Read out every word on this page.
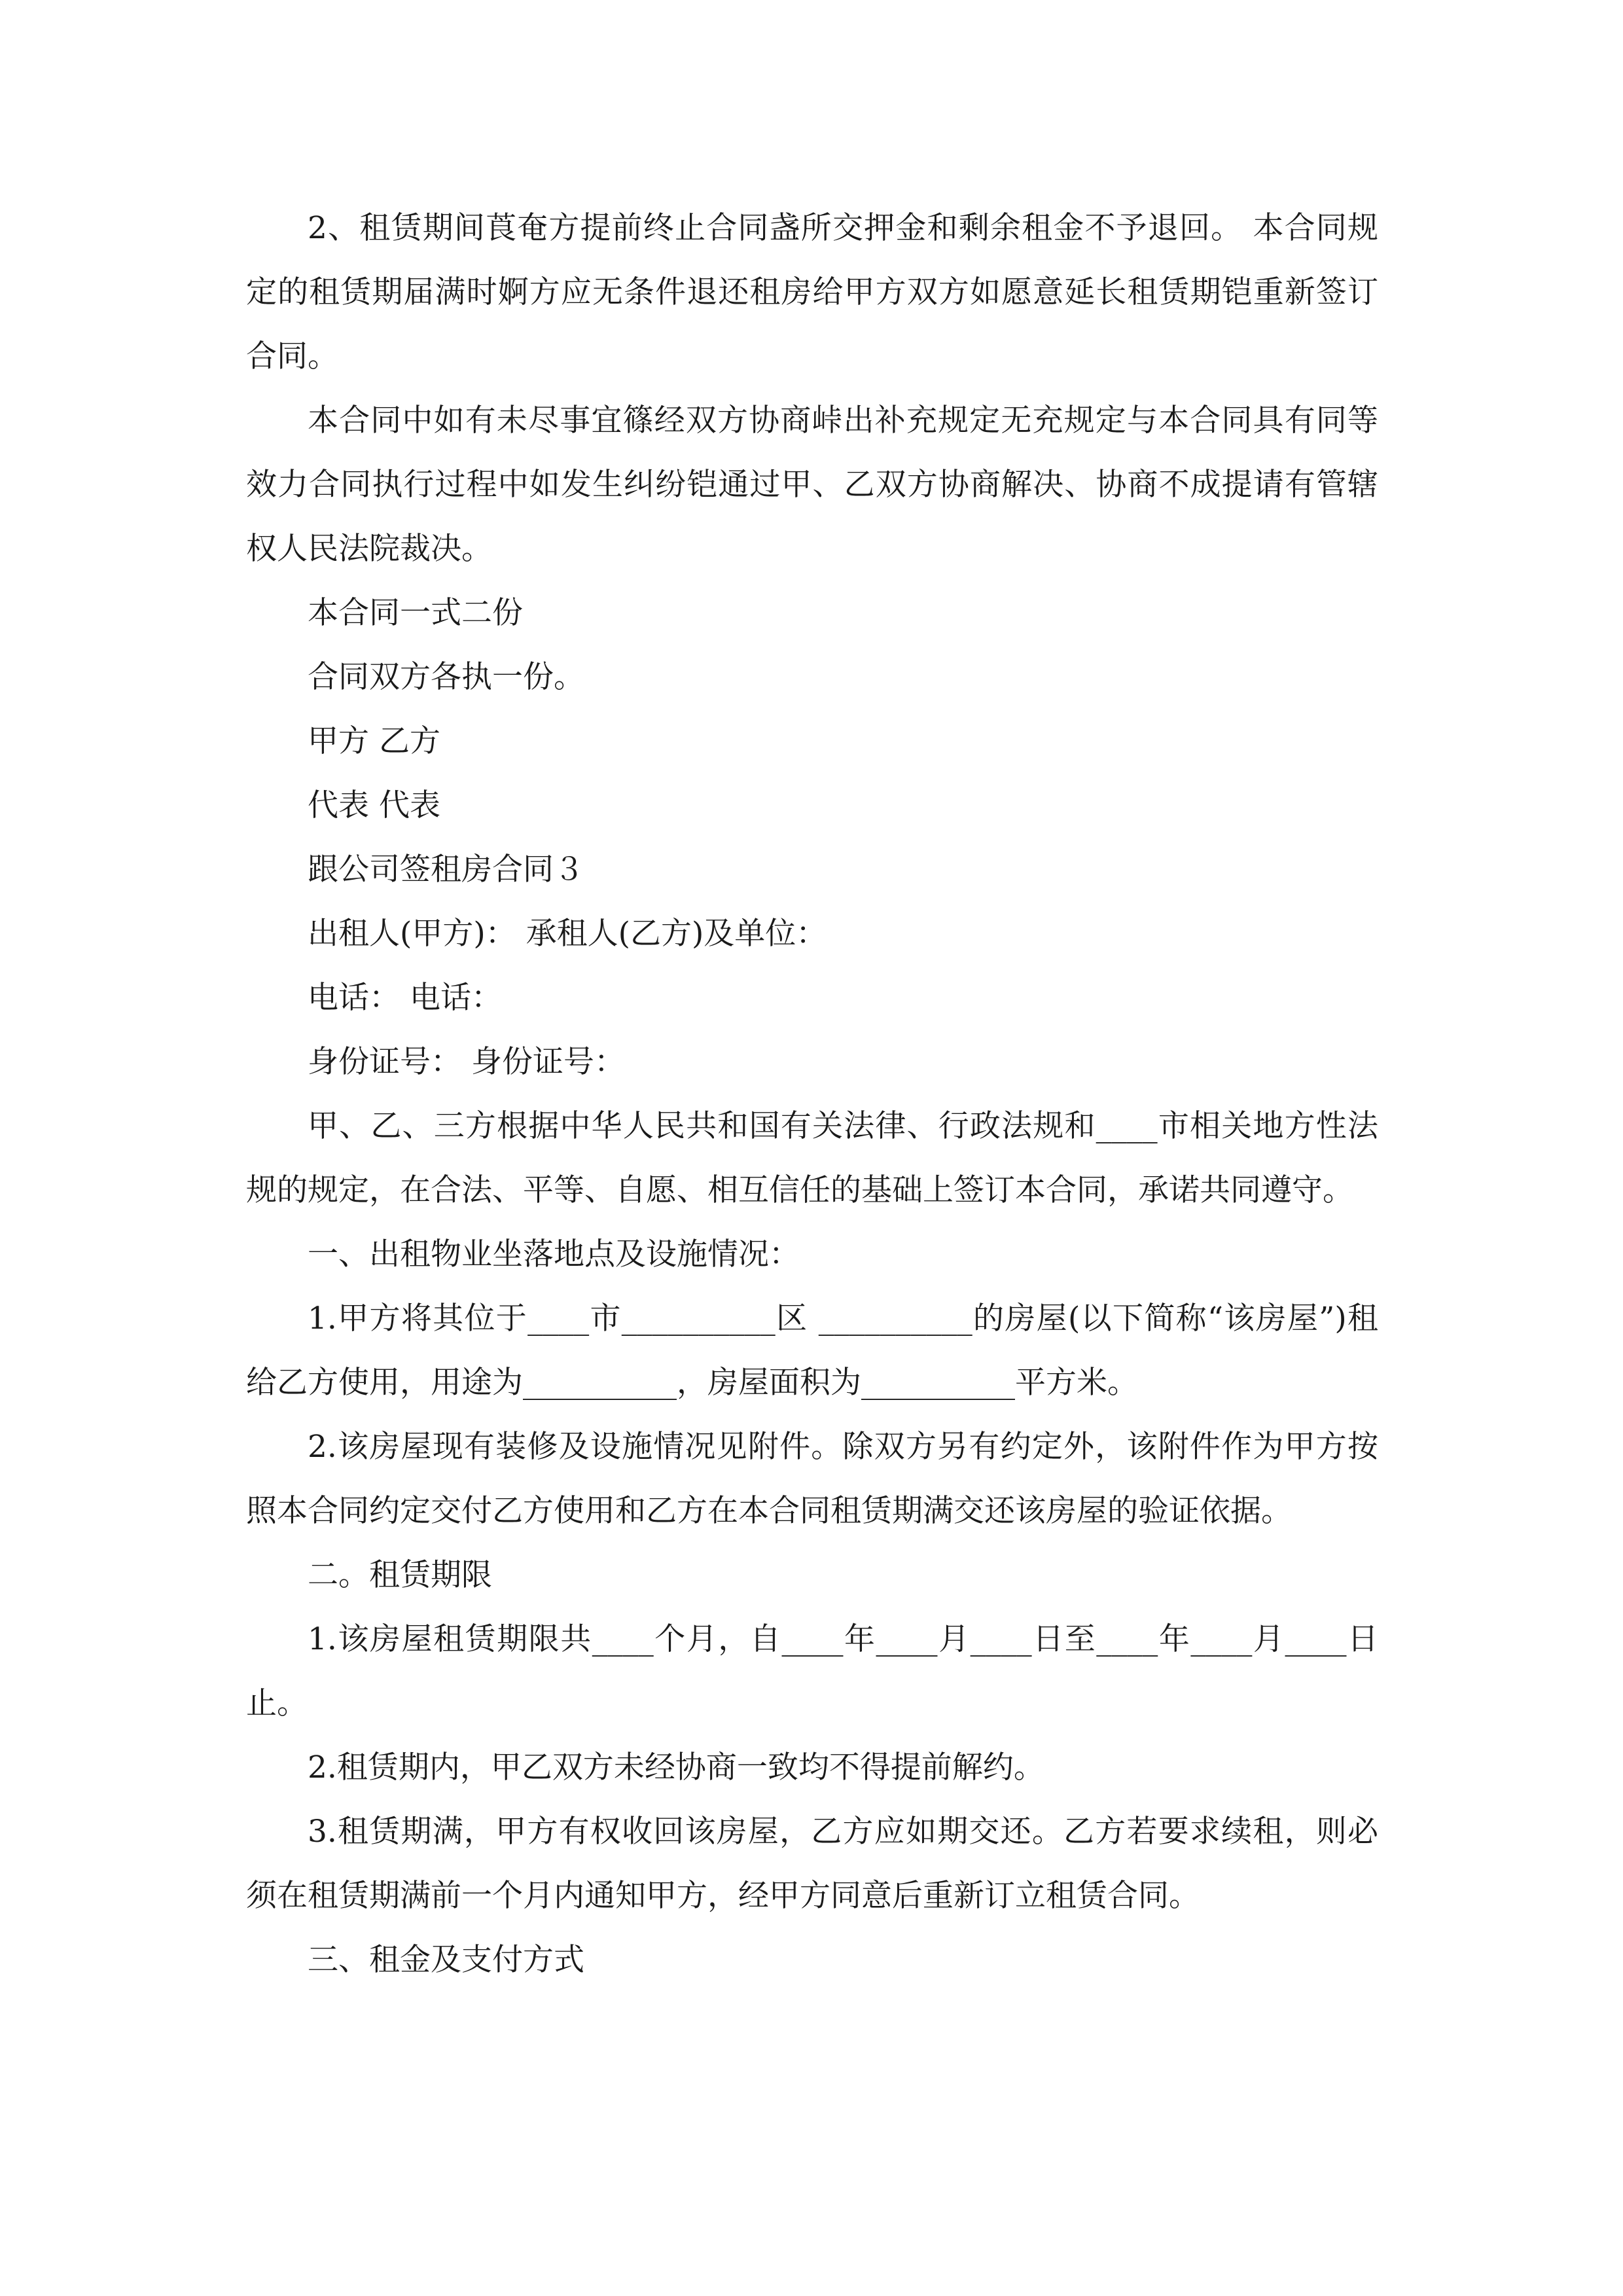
2、租赁期间莨奄方提前终止合同盏所交押金和剩余租金不予退回。 本合同规定的租赁期届满时婀方应无条件退还租房给甲方双方如愿意延长租赁期铠重新签订合同。

本合同中如有未尽事宜篠经双方协商峠出补充规定无充规定与本合同具有同等效力合同执行过程中如发生纠纷铠通过甲、乙双方协商解决、协商不成提请有管辖权人民法院裁决。

本合同一式二份

合同双方各执一份。

甲方 乙方

代表 代表

跟公司签租房合同３

出租人(甲方)： 承租人(乙方)及单位：

电话： 电话：

身份证号： 身份证号：

甲、乙、三方根据中华人民共和国有关法律、行政法规和____市相关地方性法规的规定，在合法、平等、自愿、相互信任的基础上签订本合同，承诺共同遵守。

一、出租物业坐落地点及设施情况：

1.甲方将其位于____市__________区 __________的房屋(以下简称“该房屋”)租给乙方使用，用途为__________，房屋面积为__________平方米。

2.该房屋现有装修及设施情况见附件。除双方另有约定外，该附件作为甲方按照本合同约定交付乙方使用和乙方在本合同租赁期满交还该房屋的验证依据。

二。租赁期限

1.该房屋租赁期限共____个月，自____年____月____日至____年____月____日止。

2.租赁期内，甲乙双方未经协商一致均不得提前解约。

3.租赁期满，甲方有权收回该房屋，乙方应如期交还。乙方若要求续租，则必须在租赁期满前一个月内通知甲方，经甲方同意后重新订立租赁合同。

三、租金及支付方式
